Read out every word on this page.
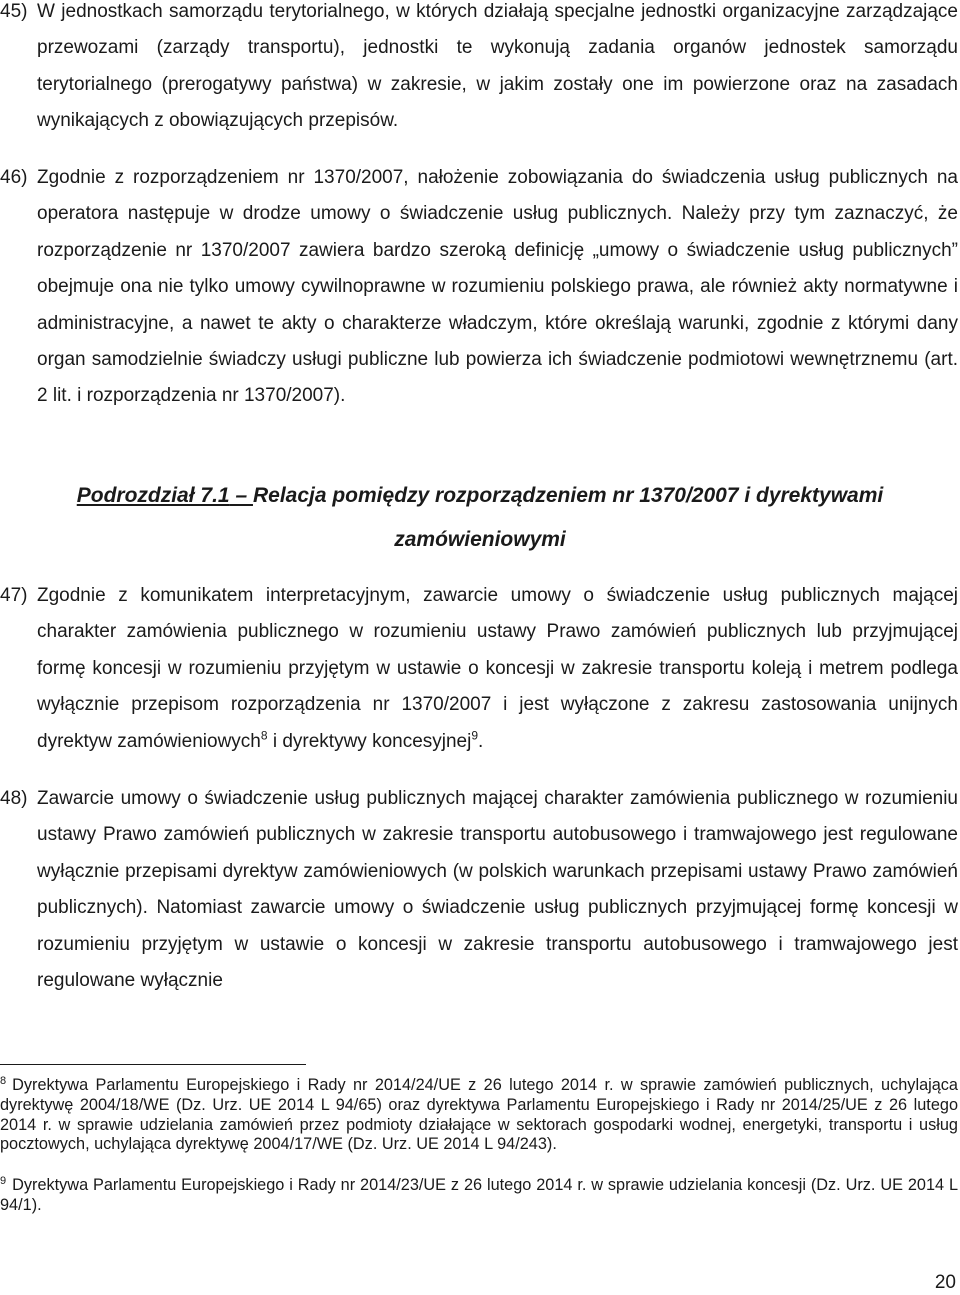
45) W jednostkach samorządu terytorialnego, w których działają specjalne jednostki organizacyjne zarządzające przewozami (zarządy transportu), jednostki te wykonują zadania organów jednostek samorządu terytorialnego (prerogatywy państwa) w zakresie, w jakim zostały one im powierzone oraz na zasadach wynikających z obowiązujących przepisów.
46) Zgodnie z rozporządzeniem nr 1370/2007, nałożenie zobowiązania do świadczenia usług publicznych na operatora następuje w drodze umowy o świadczenie usług publicznych. Należy przy tym zaznaczyć, że rozporządzenie nr 1370/2007 zawiera bardzo szeroką definicję „umowy o świadczenie usług publicznych” obejmuje ona nie tylko umowy cywilnoprawne w rozumieniu polskiego prawa, ale również akty normatywne i administracyjne, a nawet te akty o charakterze władczym, które określają warunki, zgodnie z którymi dany organ samodzielnie świadczy usługi publiczne lub powierza ich świadczenie podmiotowi wewnętrznemu (art. 2 lit. i rozporządzenia nr 1370/2007).
Podrozdział 7.1 – Relacja pomiędzy rozporządzeniem nr 1370/2007 i dyrektywami zamówieniowymi
47) Zgodnie z komunikatem interpretacyjnym, zawarcie umowy o świadczenie usług publicznych mającej charakter zamówienia publicznego w rozumieniu ustawy Prawo zamówień publicznych lub przyjmującej formę koncesji w rozumieniu przyjętym w ustawie o koncesji w zakresie transportu koleją i metrem podlega wyłącznie przepisom rozporządzenia nr 1370/2007 i jest wyłączone z zakresu zastosowania unijnych dyrektyw zamówieniowych$^8$ i dyrektywy koncesyjnej$^9$.
48) Zawarcie umowy o świadczenie usług publicznych mającej charakter zamówienia publicznego w rozumieniu ustawy Prawo zamówień publicznych w zakresie transportu autobusowego i tramwajowego jest regulowane wyłącznie przepisami dyrektyw zamówieniowych (w polskich warunkach przepisami ustawy Prawo zamówień publicznych). Natomiast zawarcie umowy o świadczenie usług publicznych przyjmującej formę koncesji w rozumieniu przyjętym w ustawie o koncesji w zakresie transportu autobusowego i tramwajowego jest regulowane wyłącznie
$^8$ Dyrektywa Parlamentu Europejskiego i Rady nr 2014/24/UE z 26 lutego 2014 r. w sprawie zamówień publicznych, uchylająca dyrektywę 2004/18/WE (Dz. Urz. UE 2014 L 94/65) oraz dyrektywa Parlamentu Europejskiego i Rady nr 2014/25/UE z 26 lutego 2014 r. w sprawie udzielania zamówień przez podmioty działające w sektorach gospodarki wodnej, energetyki, transportu i usług pocztowych, uchylająca dyrektywę 2004/17/WE (Dz. Urz. UE 2014 L 94/243).
$^9$ Dyrektywa Parlamentu Europejskiego i Rady nr 2014/23/UE z 26 lutego 2014 r. w sprawie udzielania koncesji (Dz. Urz. UE 2014 L 94/1).
20
